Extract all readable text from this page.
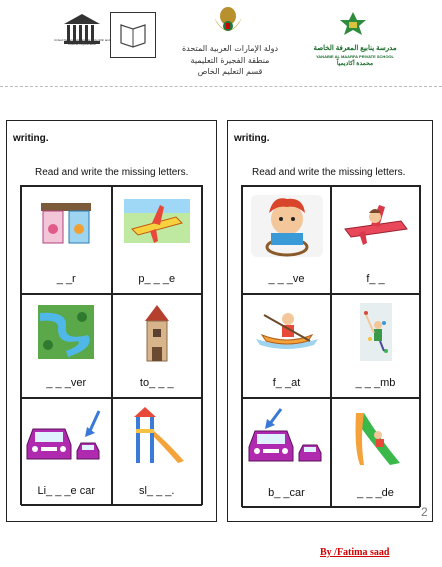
United Nations Educational, Scientific and Cultural Organization	دولة الإمارات العربية المتحدة
منطقة الفجيرة التعليمية
قسم التعليم الخاص
مدرسة ينابيع المعرفة الخاصة
YANABIE AL MAARFA PRIVATE SCHOOL
محمدة أكاديمياً
writing.
Read and write the missing letters.
_ _r	p_ _ _e
_ _ _ver	to_ _ _
Li_ _ _e car	sl_ _ _.
writing.
Read and write the missing letters.
_ _ _ve	f_ _
f_ _at	_ _ _mb
b_ _car	_ _ _de
2
By /Fatima saad
